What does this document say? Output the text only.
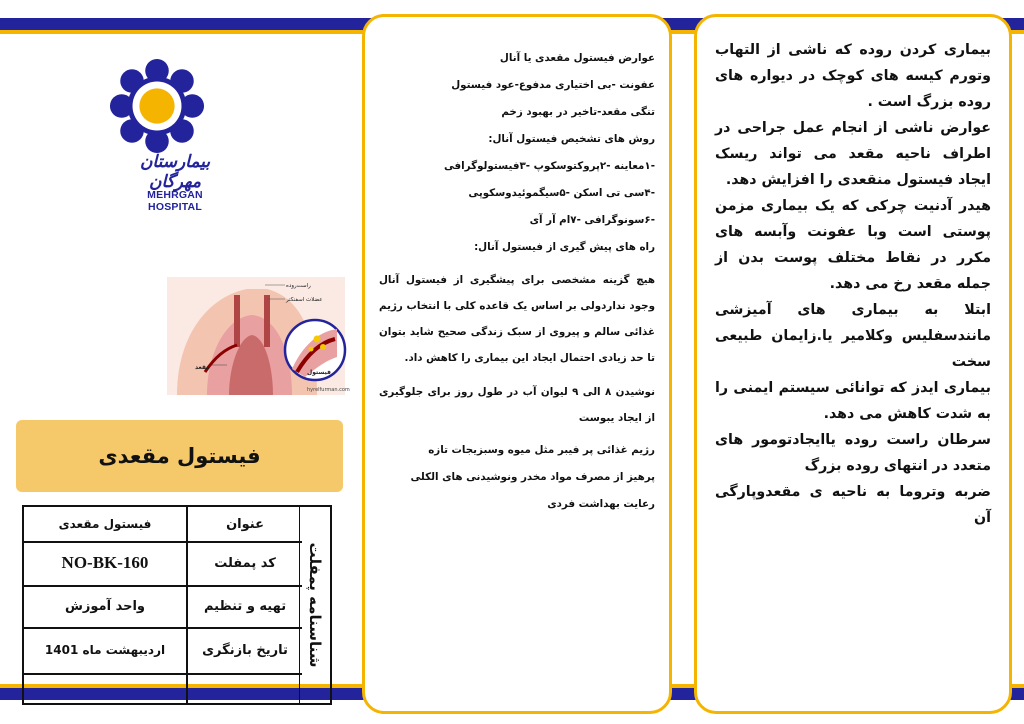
بیمارستان مهرگان
MEHRGAN HOSPITAL
راست‌روده
عضلات اسفنکتر
مقعد
فیستول
hyrelfurman.com
فیستول مقعدی
شناسنامه پمفلت
عنوان
فیستول مقعدی
کد پمفلت
NO-BK-160
تهیه و تنظیم
واحد آموزش
تاریخ بازنگری
اردیبهشت ماه 1401

عوارض فیستول مقعدی یا آنال

عفونت -بی اختیاری مدفوع-عود فیستول

تنگی مقعد-تاخیر در بهبود زخم

روش های تشخیص فیستول آنال:

-۱معاینه -۲پروکتوسکوپ -۳فیستولوگرافی

-۴سی تی اسکن -۵سیگموئیدوسکوپی

-۶سونوگرافی -۷ام آر آی

راه های پیش گیری از فیستول آنال:

هیچ گزینه مشخصی برای پیشگیری از فیستول آنال وجود نداردولی بر اساس یک قاعده کلی با انتخاب رژیم غذائی سالم و پیروی از سبک زندگی صحیح شاید بتوان تا حد زیادی احتمال ایجاد این بیماری را کاهش داد.

نوشیدن ۸ الی ۹ لیوان آب در طول روز برای جلوگیری از ایجاد یبوست

رژیم غذائی پر فیبر مثل میوه وسبزیجات تازه

پرهیز از مصرف مواد مخدر ونوشیدنی های الکلی

رعایت بهداشت فردی

بیماری کردن روده که ناشی از التهاب وتورم کیسه های کوچک در دیواره های روده بزرگ است .

عوارض ناشی از انجام عمل جراحی در اطراف ناحیه مقعد می تواند ریسک ایجاد فیستول منقعدی را افزایش دهد.

هیدر آدنیت چرکی که یک بیماری مزمن پوستی است وبا عفونت وآبسه های مکرر در نقاط مختلف پوست بدن از جمله مقعد رخ می دهد.

ابتلا به بیماری های آمیزشی مانندسفلیس وکلامیر یا.زایمان طبیعی سخت

بیماری ایدز که توانائی سیستم ایمنی را به شدت کاهش می دهد.

سرطان راست روده یاایجادتومور های متعدد در انتهای روده بزرگ

ضربه وتروما به ناحیه ی مقعدوپارگی آن
